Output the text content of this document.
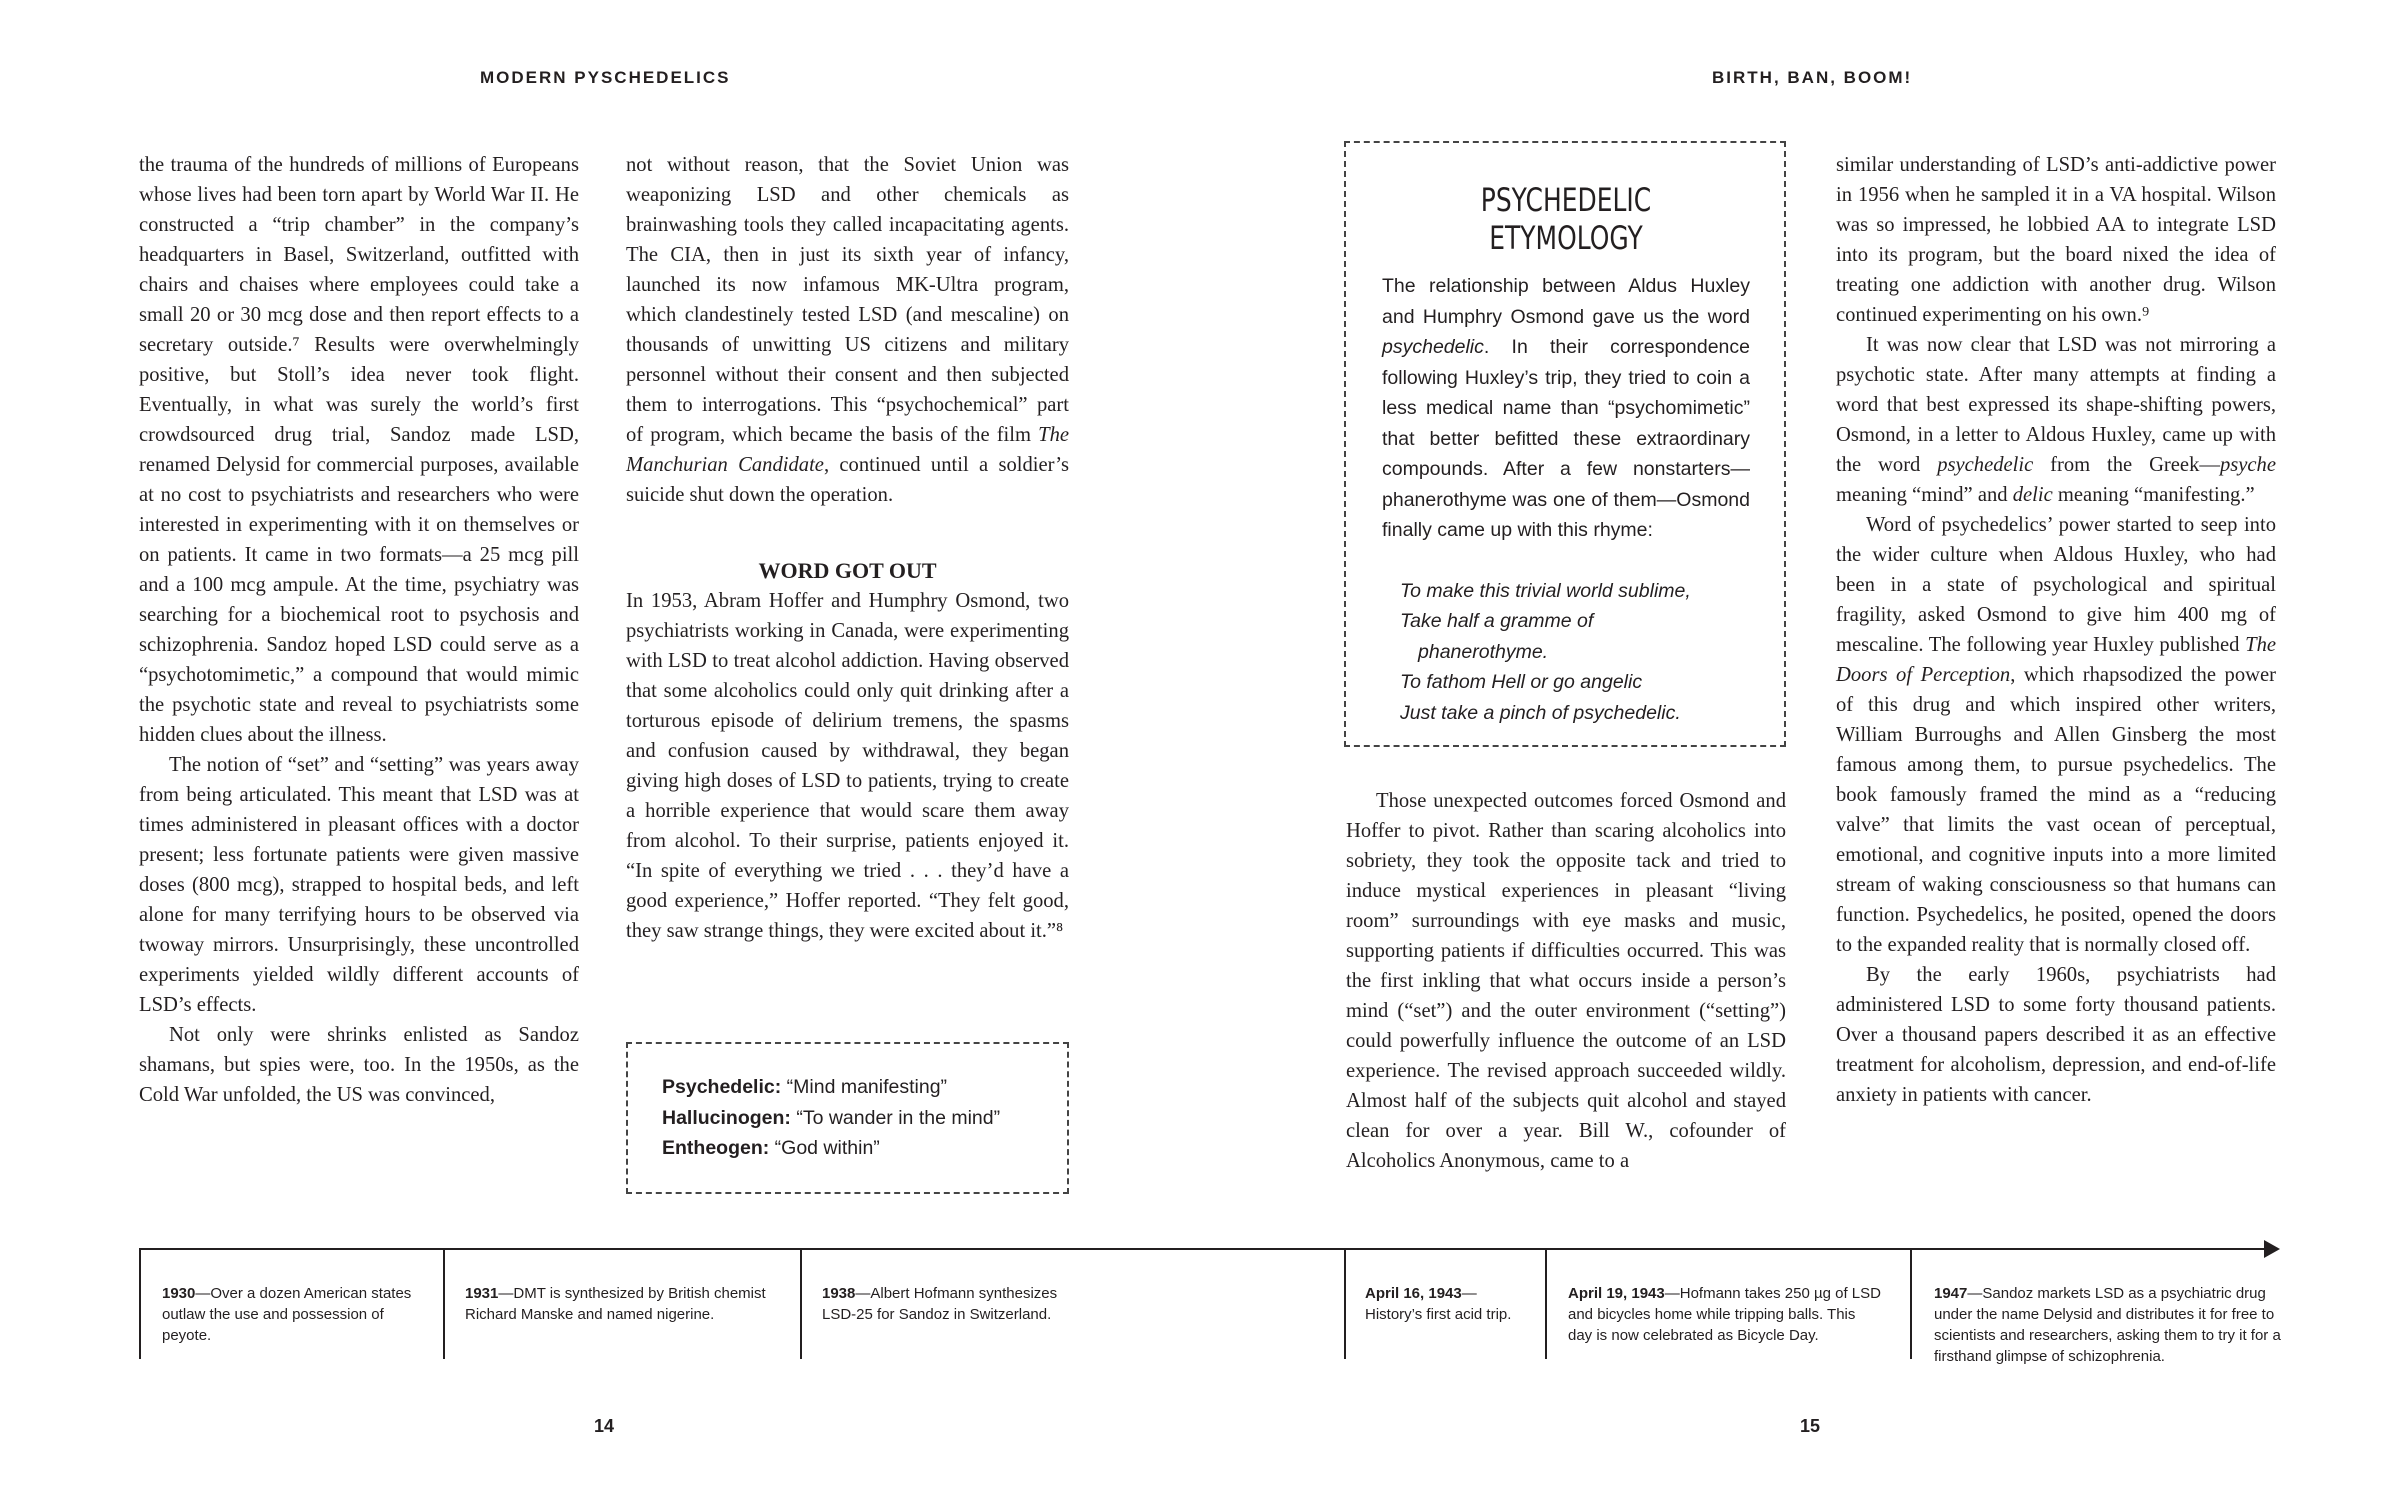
MODERN PYSCHEDELICS	BIRTH, BAN, BOOM!

the trauma of the hundreds of millions of Europeans whose lives had been torn apart by World War II. He constructed a “trip chamber” in the company’s headquarters in Basel, Switzerland, outfitted with chairs and chaises where employees could take a small 20 or 30 mcg dose and then report effects to a secretary outside.⁷ Results were overwhelmingly positive, but Stoll’s idea never took flight. Eventually, in what was surely the world’s first crowdsourced drug trial, Sandoz made LSD, renamed Delysid for commercial purposes, available at no cost to psychiatrists and researchers who were interested in experimenting with it on themselves or on patients. It came in two formats—a 25 mcg pill and a 100 mcg ampule. At the time, psychiatry was searching for a biochemical root to psychosis and schizophrenia. Sandoz hoped LSD could serve as a “psychotomimetic,” a compound that would mimic the psychotic state and reveal to psychiatrists some hidden clues about the illness.

The notion of “set” and “setting” was years away from being articulated. This meant that LSD was at times administered in pleasant offices with a doctor present; less fortunate patients were given massive doses (800 mcg), strapped to hospital beds, and left alone for many terrifying hours to be observed via twoway mirrors. Unsurprisingly, these uncontrolled experiments yielded wildly different accounts of LSD’s effects.

Not only were shrinks enlisted as Sandoz shamans, but spies were, too. In the 1950s, as the Cold War unfolded, the US was convinced,

not without reason, that the Soviet Union was weaponizing LSD and other chemicals as brainwashing tools they called incapacitating agents. The CIA, then in just its sixth year of infancy, launched its now infamous MK-Ultra program, which clandestinely tested LSD (and mescaline) on thousands of unwitting US citizens and military personnel without their consent and then subjected them to interrogations. This “psychochemical” part of program, which became the basis of the film The Manchurian Candidate, continued until a soldier’s suicide shut down the operation.

WORD GOT OUT

In 1953, Abram Hoffer and Humphry Osmond, two psychiatrists working in Canada, were experimenting with LSD to treat alcohol addiction. Having observed that some alcoholics could only quit drinking after a torturous episode of delirium tremens, the spasms and confusion caused by withdrawal, they began giving high doses of LSD to patients, trying to create a horrible experience that would scare them away from alcohol. To their surprise, patients enjoyed it. “In spite of everything we tried . . . they’d have a good experience,” Hoffer reported. “They felt good, they saw strange things, they were excited about it.”⁸

Psychedelic: “Mind manifesting”
Hallucinogen: “To wander in the mind”
Entheogen: “God within”
PSYCHEDELIC ETYMOLOGY

The relationship between Aldus Huxley and Humphry Osmond gave us the word psychedelic. In their correspondence following Huxley’s trip, they tried to coin a less medical name than “psychomimetic” that better befitted these extraordinary compounds. After a few nonstarters—phanerothyme was one of them—Osmond finally came up with this rhyme:

To make this trivial world sublime,

Take half a gramme of

phanerothyme.

To fathom Hell or go angelic

Just take a pinch of psychedelic.

Those unexpected outcomes forced Osmond and Hoffer to pivot. Rather than scaring alcoholics into sobriety, they took the opposite tack and tried to induce mystical experiences in pleasant “living room” surroundings with eye masks and music, supporting patients if difficulties occurred. This was the first inkling that what occurs inside a person’s mind (“set”) and the outer environment (“setting”) could powerfully influence the outcome of an LSD experience. The revised approach succeeded wildly. Almost half of the subjects quit alcohol and stayed clean for over a year. Bill W., cofounder of Alcoholics Anonymous, came to a

similar understanding of LSD’s anti-addictive power in 1956 when he sampled it in a VA hospital. Wilson was so impressed, he lobbied AA to integrate LSD into its program, but the board nixed the idea of treating one addiction with another drug. Wilson continued experimenting on his own.⁹

It was now clear that LSD was not mirroring a psychotic state. After many attempts at finding a word that best expressed its shape-shifting powers, Osmond, in a letter to Aldous Huxley, came up with the word psychedelic from the Greek—psyche meaning “mind” and delic meaning “manifesting.”

Word of psychedelics’ power started to seep into the wider culture when Aldous Huxley, who had been in a state of psychological and spiritual fragility, asked Osmond to give him 400 mg of mescaline. The following year Huxley published The Doors of Perception, which rhapsodized the power of this drug and which inspired other writers, William Burroughs and Allen Ginsberg the most famous among them, to pursue psychedelics. The book famously framed the mind as a “reducing valve” that limits the vast ocean of perceptual, emotional, and cognitive inputs into a more limited stream of waking consciousness so that humans can function. Psychedelics, he posited, opened the doors to the expanded reality that is normally closed off.

By the early 1960s, psychiatrists had administered LSD to some forty thousand patients. Over a thousand papers described it as an effective treatment for alcoholism, depression, and end-of-life anxiety in patients with cancer.

1930—Over a dozen American states outlaw the use and possession of peyote.
1931—DMT is synthesized by British chemist Richard Manske and named nigerine.
1938—Albert Hofmann synthesizes LSD-25 for Sandoz in Switzerland.
April 16, 1943— History’s first acid trip.
April 19, 1943—Hofmann takes 250 µg of LSD and bicycles home while tripping balls. This day is now celebrated as Bicycle Day.
1947—Sandoz markets LSD as a psychiatric drug under the name Delysid and distributes it for free to scientists and researchers, asking them to try it for a firsthand glimpse of schizophrenia.
14	15
